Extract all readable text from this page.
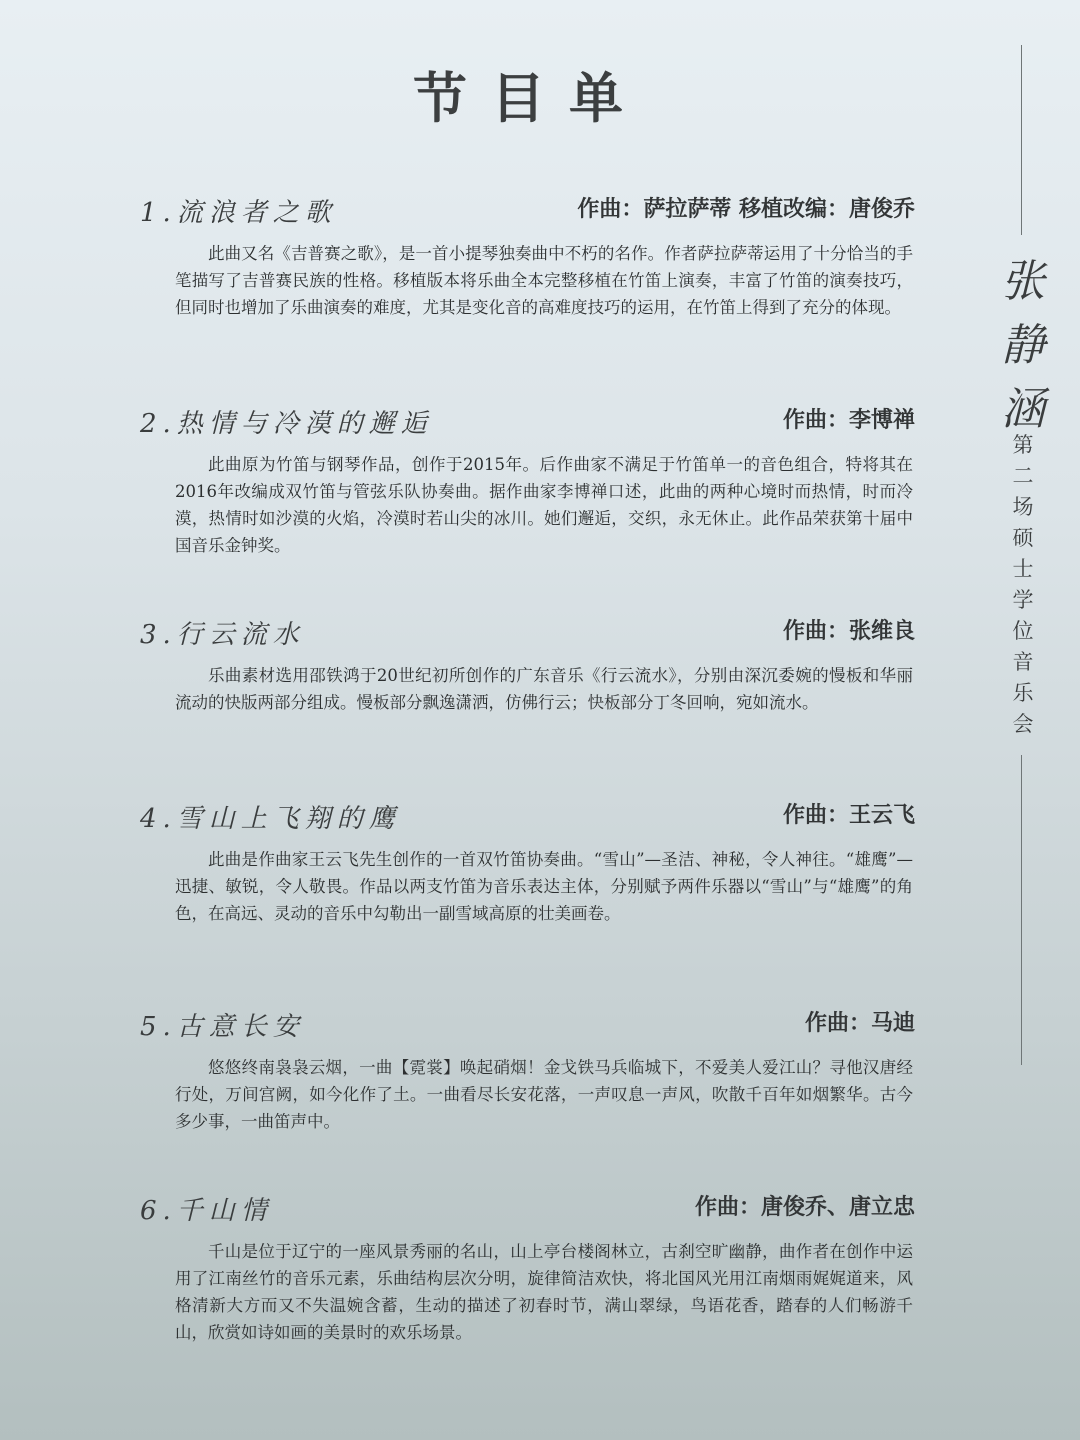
节目单
张静涵
第二场硕士学位音乐会
1.流浪者之歌	作曲：萨拉萨蒂 移植改编：唐俊乔
此曲又名《吉普赛之歌》，是一首小提琴独奏曲中不朽的名作。作者萨拉萨蒂运用了十分恰当的手笔描写了吉普赛民族的性格。移植版本将乐曲全本完整移植在竹笛上演奏，丰富了竹笛的演奏技巧，但同时也增加了乐曲演奏的难度，尤其是变化音的高难度技巧的运用，在竹笛上得到了充分的体现。
2.热情与冷漠的邂逅	作曲：李博禅
此曲原为竹笛与钢琴作品，创作于2015年。后作曲家不满足于竹笛单一的音色组合，特将其在2016年改编成双竹笛与管弦乐队协奏曲。据作曲家李博禅口述，此曲的两种心境时而热情，时而冷漠，热情时如沙漠的火焰，冷漠时若山尖的冰川。她们邂逅，交织，永无休止。此作品荣获第十届中国音乐金钟奖。
3.行云流水	作曲：张维良
乐曲素材选用邵铁鸿于20世纪初所创作的广东音乐《行云流水》，分别由深沉委婉的慢板和华丽流动的快版两部分组成。慢板部分飘逸潇洒，仿佛行云；快板部分丁冬回响，宛如流水。
4.雪山上飞翔的鹰	作曲：王云飞
此曲是作曲家王云飞先生创作的一首双竹笛协奏曲。“雪山”—圣洁、神秘，令人神往。“雄鹰”—迅捷、敏锐，令人敬畏。作品以两支竹笛为音乐表达主体，分别赋予两件乐器以“雪山”与“雄鹰”的角色，在高远、灵动的音乐中勾勒出一副雪域高原的壮美画卷。
5.古意长安	作曲：马迪
悠悠终南袅袅云烟，一曲【霓裳】唤起硝烟！金戈铁马兵临城下，不爱美人爱江山？寻他汉唐经行处，万间宫阙，如今化作了土。一曲看尽长安花落，一声叹息一声风，吹散千百年如烟繁华。古今多少事，一曲笛声中。
6.千山情	作曲：唐俊乔、唐立忠
千山是位于辽宁的一座风景秀丽的名山，山上亭台楼阁林立，古刹空旷幽静，曲作者在创作中运用了江南丝竹的音乐元素，乐曲结构层次分明，旋律简洁欢快，将北国风光用江南烟雨娓娓道来，风格清新大方而又不失温婉含蓄，生动的描述了初春时节，满山翠绿，鸟语花香，踏春的人们畅游千山，欣赏如诗如画的美景时的欢乐场景。
